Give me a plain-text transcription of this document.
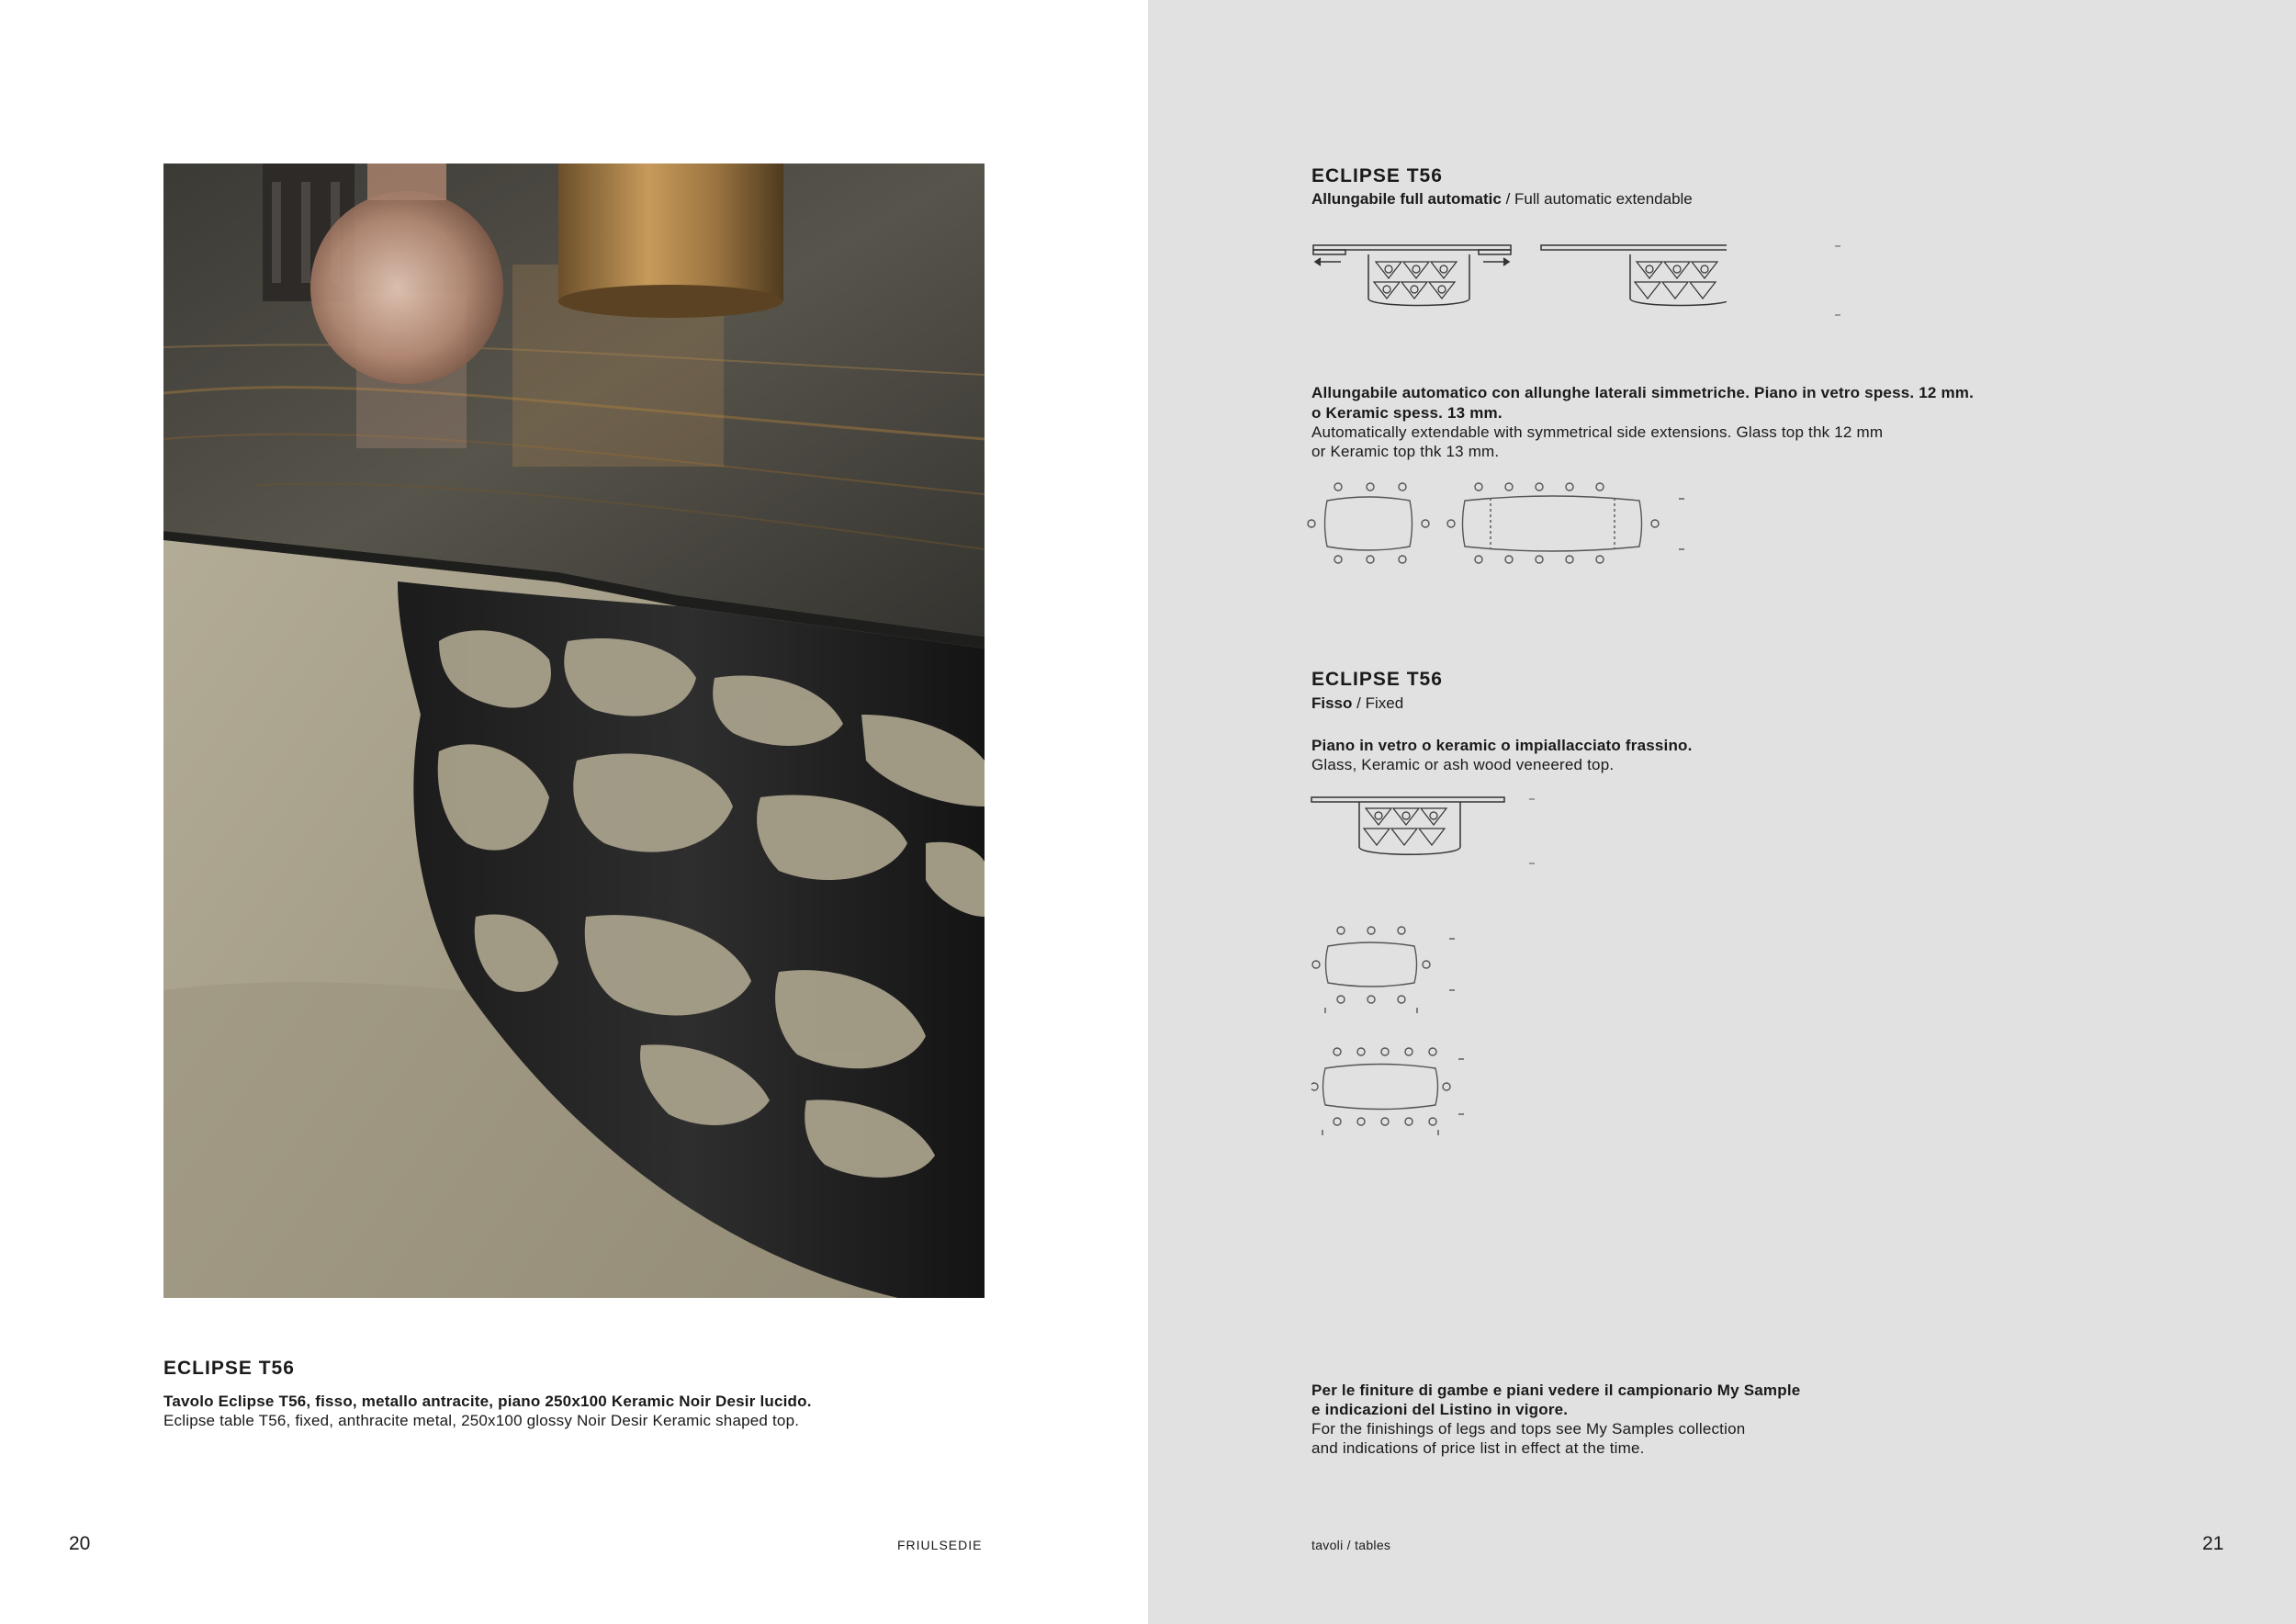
ECLIPSE T56
Tavolo Eclipse T56, fisso, metallo antracite, piano 250x100 Keramic Noir Desir lucido.
Eclipse table T56, fixed, anthracite metal, 250x100 glossy Noir Desir Keramic shaped top.
20	FRIULSEDIE
ECLIPSE T56
Allungabile full automatic / Full automatic extendable
Allungabile automatico con allunghe laterali simmetriche. Piano in vetro spess. 12 mm.
o Keramic spess. 13 mm.
Automatically extendable with symmetrical side extensions. Glass top thk 12 mm
or Keramic top thk 13 mm.
ECLIPSE T56
Fisso / Fixed
Piano in vetro o keramic o impiallacciato frassino.
Glass, Keramic or ash wood veneered top.
Per le finiture di gambe e piani vedere il campionario My Sample
e indicazioni del Listino in vigore.
For the finishings of legs and tops see My Samples collection
and indications of price list in effect at the time.
tavoli / tables	21
